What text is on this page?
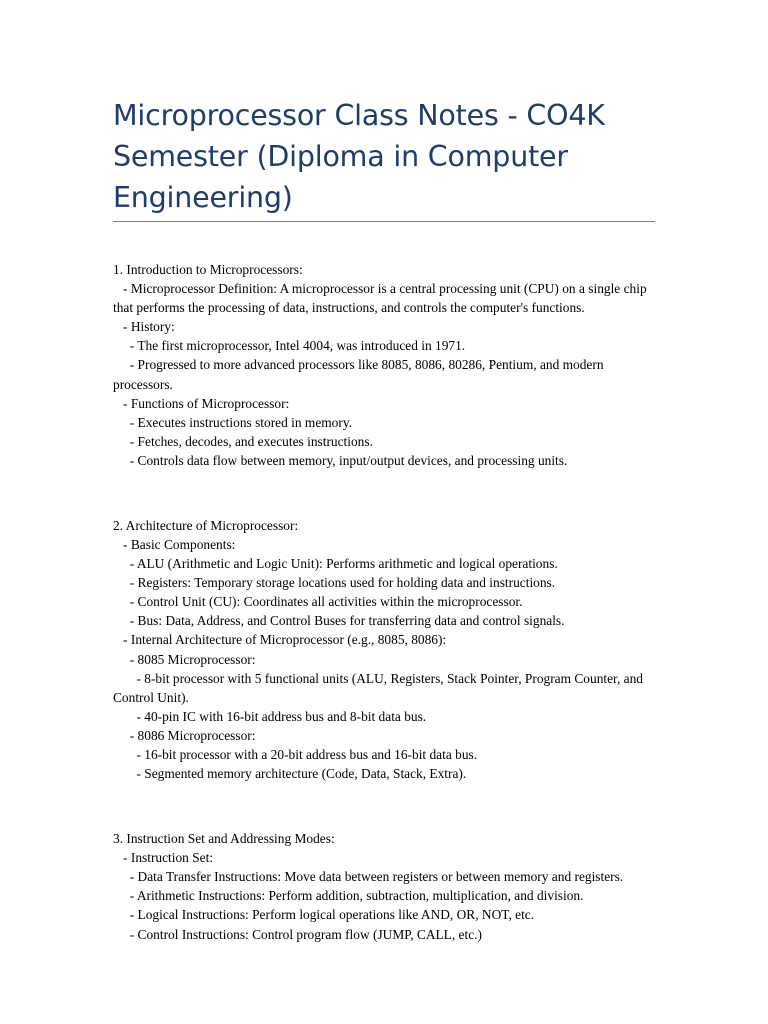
Microprocessor Class Notes - CO4K Semester (Diploma in Computer Engineering)

1. Introduction to Microprocessors:

- Microprocessor Definition: A microprocessor is a central processing unit (CPU) on a single chip that performs the processing of data, instructions, and controls the computer's functions.

- History:

- The first microprocessor, Intel 4004, was introduced in 1971.

- Progressed to more advanced processors like 8085, 8086, 80286, Pentium, and modern processors.

- Functions of Microprocessor:

- Executes instructions stored in memory.

- Fetches, decodes, and executes instructions.

- Controls data flow between memory, input/output devices, and processing units.

2. Architecture of Microprocessor:

- Basic Components:

- ALU (Arithmetic and Logic Unit): Performs arithmetic and logical operations.

- Registers: Temporary storage locations used for holding data and instructions.

- Control Unit (CU): Coordinates all activities within the microprocessor.

- Bus: Data, Address, and Control Buses for transferring data and control signals.

- Internal Architecture of Microprocessor (e.g., 8085, 8086):

- 8085 Microprocessor:

- 8-bit processor with 5 functional units (ALU, Registers, Stack Pointer, Program Counter, and Control Unit).

- 40-pin IC with 16-bit address bus and 8-bit data bus.

- 8086 Microprocessor:

- 16-bit processor with a 20-bit address bus and 16-bit data bus.

- Segmented memory architecture (Code, Data, Stack, Extra).

3. Instruction Set and Addressing Modes:

- Instruction Set:

- Data Transfer Instructions: Move data between registers or between memory and registers.

- Arithmetic Instructions: Perform addition, subtraction, multiplication, and division.

- Logical Instructions: Perform logical operations like AND, OR, NOT, etc.

- Control Instructions: Control program flow (JUMP, CALL, etc.)
